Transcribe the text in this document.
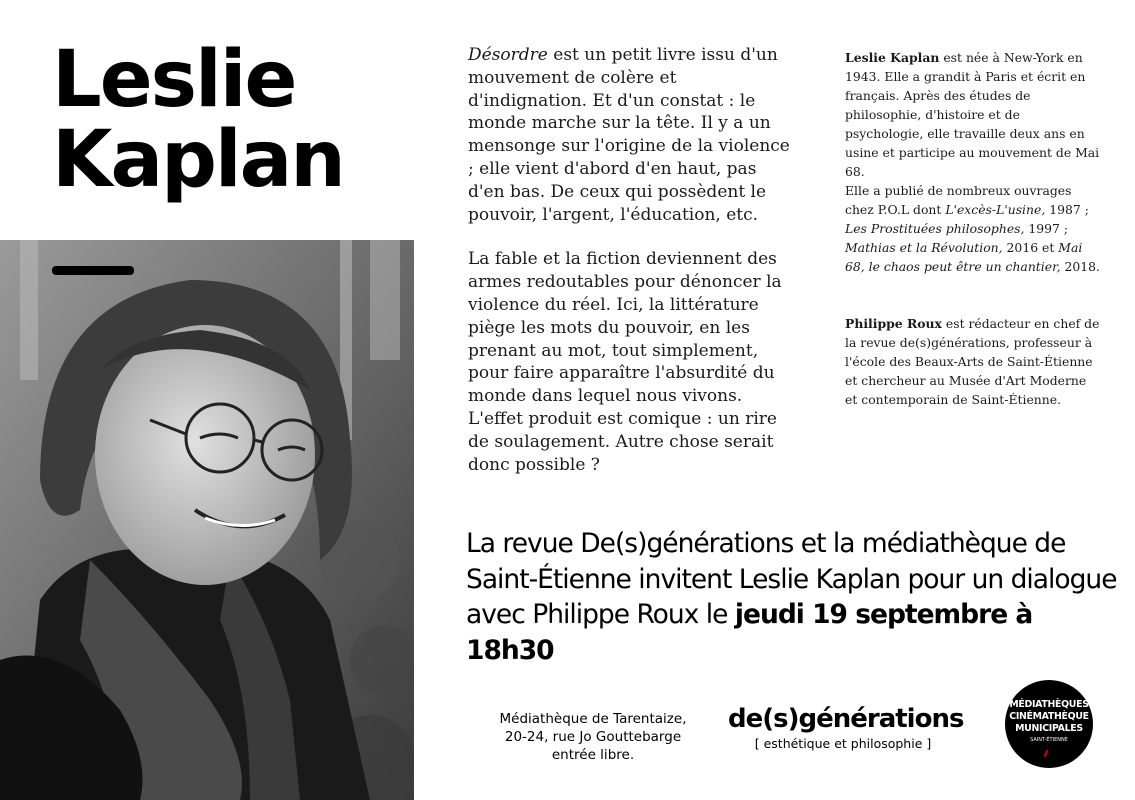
Leslie
Kaplan

Désordre est un petit livre issu d'un mouvement de colère et d'indignation. Et d'un constat : le monde marche sur la tête. Il y a un mensonge sur l'origine de la violence ; elle vient d'abord d'en haut, pas d'en bas. De ceux qui possèdent le pouvoir, l'argent, l'éducation, etc.

La fable et la fiction deviennent des armes redoutables pour dénoncer la violence du réel. Ici, la littérature piège les mots du pouvoir, en les prenant au mot, tout simplement, pour faire apparaître l'absurdité du monde dans lequel nous vivons. L'effet produit est comique : un rire de soulagement. Autre chose serait donc possible ?

Leslie Kaplan est née à New-York en 1943. Elle a grandit à Paris et écrit en français. Après des études de philosophie, d'histoire et de psychologie, elle travaille deux ans en usine et participe au mouvement de Mai 68.

Elle a publié de nombreux ouvrages chez P.O.L dont L'excès-L'usine, 1987 ; Les Prostituées philosophes, 1997 ; Mathias et la Révolution, 2016 et Mai 68, le chaos peut être un chantier, 2018.

Philippe Roux est rédacteur en chef de la revue de(s)générations, professeur à l'école des Beaux-Arts de Saint-Étienne et chercheur au Musée d'Art Moderne et contemporain de Saint-Étienne.

La revue De(s)générations et la médiathèque de Saint-Étienne invitent Leslie Kaplan pour un dialogue avec Philippe Roux le jeudi 19 septembre à 18h30
Médiathèque de Tarentaize,
20-24, rue Jo Gouttebarge
entrée libre.
de(s)générations
[ esthétique et philosophie ]
MÉDIATHÈQUES
CINÉMATHÈQUE
MUNICIPALES
SAINT-ÉTIENNE
